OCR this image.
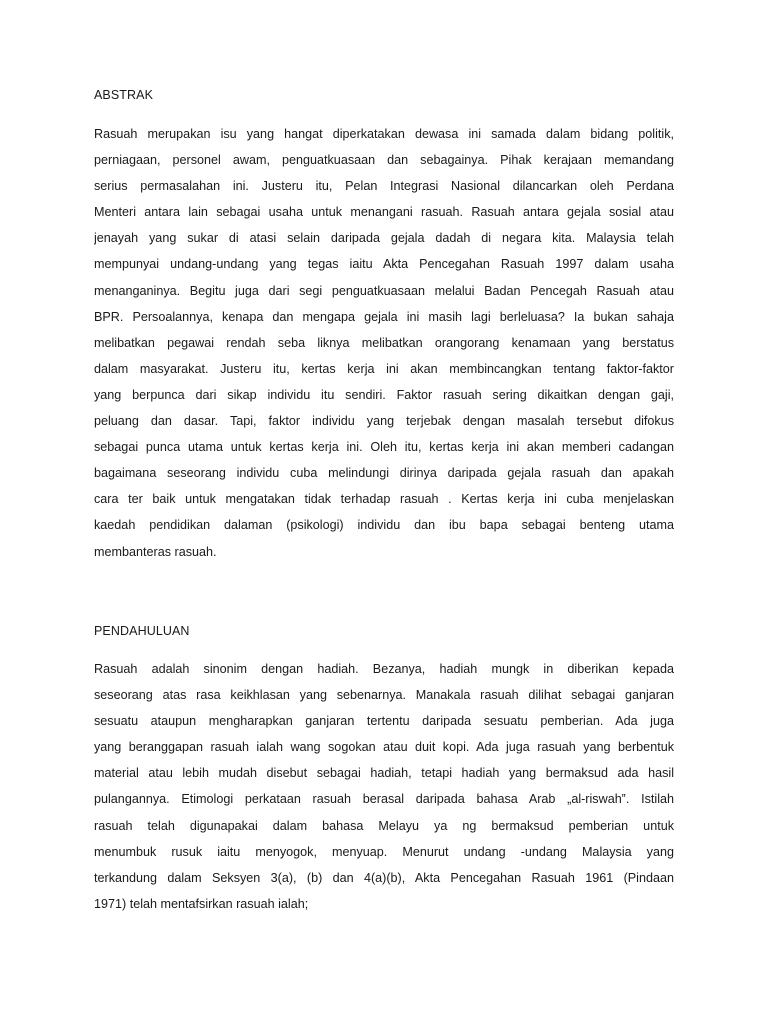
ABSTRAK
Rasuah merupakan isu yang hangat diperkatakan dewasa ini samada dalam bidang politik,
perniagaan, personel awam, penguatkuasaan dan sebagainya. Pihak kerajaan memandang
serius permasalahan ini. Justeru itu, Pelan Integrasi Nasional dilancarkan oleh Perdana
Menteri antara lain sebagai usaha untuk menangani rasuah. Rasuah antara gejala sosial atau
jenayah yang sukar di atasi selain daripada gejala dadah di negara kita. Malaysia telah
mempunyai undang-undang yang tegas iaitu Akta Pencegahan Rasuah 1997 dalam usaha
menanganinya. Begitu juga dari segi penguatkuasaan melalui Badan Pencegah Rasuah atau
BPR. Persoalannya, kenapa dan mengapa gejala ini masih lagi berleluasa? Ia bukan sahaja
melibatkan pegawai rendah seba liknya melibatkan orangorang kenamaan yang berstatus
dalam masyarakat. Justeru itu, kertas kerja ini akan membincangkan tentang faktor-faktor
yang berpunca dari sikap individu itu sendiri. Faktor rasuah sering dikaitkan dengan gaji,
peluang dan dasar. Tapi, faktor individu yang terjebak dengan masalah tersebut difokus
sebagai punca utama untuk kertas kerja ini. Oleh itu, kertas kerja ini akan memberi cadangan
bagaimana seseorang individu cuba melindungi dirinya daripada gejala rasuah dan apakah
cara ter baik untuk mengatakan tidak terhadap rasuah . Kertas kerja ini cuba menjelaskan
kaedah pendidikan dalaman (psikologi) individu dan ibu bapa sebagai benteng utama
membanteras rasuah.
PENDAHULUAN
Rasuah adalah sinonim dengan hadiah. Bezanya, hadiah mungk in diberikan kepada
seseorang atas rasa keikhlasan yang sebenarnya. Manakala rasuah dilihat sebagai ganjaran
sesuatu ataupun mengharapkan ganjaran tertentu daripada sesuatu pemberian. Ada juga
yang beranggapan rasuah ialah wang sogokan atau duit kopi. Ada juga rasuah yang berbentuk
material atau lebih mudah disebut sebagai hadiah, tetapi hadiah yang bermaksud ada hasil
pulangannya. Etimologi perkataan rasuah berasal daripada bahasa Arab „al-riswah‟. Istilah
rasuah telah digunapakai dalam bahasa Melayu ya ng bermaksud pemberian untuk
menumbuk rusuk iaitu menyogok, menyuap. Menurut undang -undang Malaysia yang
terkandung dalam Seksyen 3(a), (b) dan 4(a)(b), Akta Pencegahan Rasuah 1961 (Pindaan
1971) telah mentafsirkan rasuah ialah;
